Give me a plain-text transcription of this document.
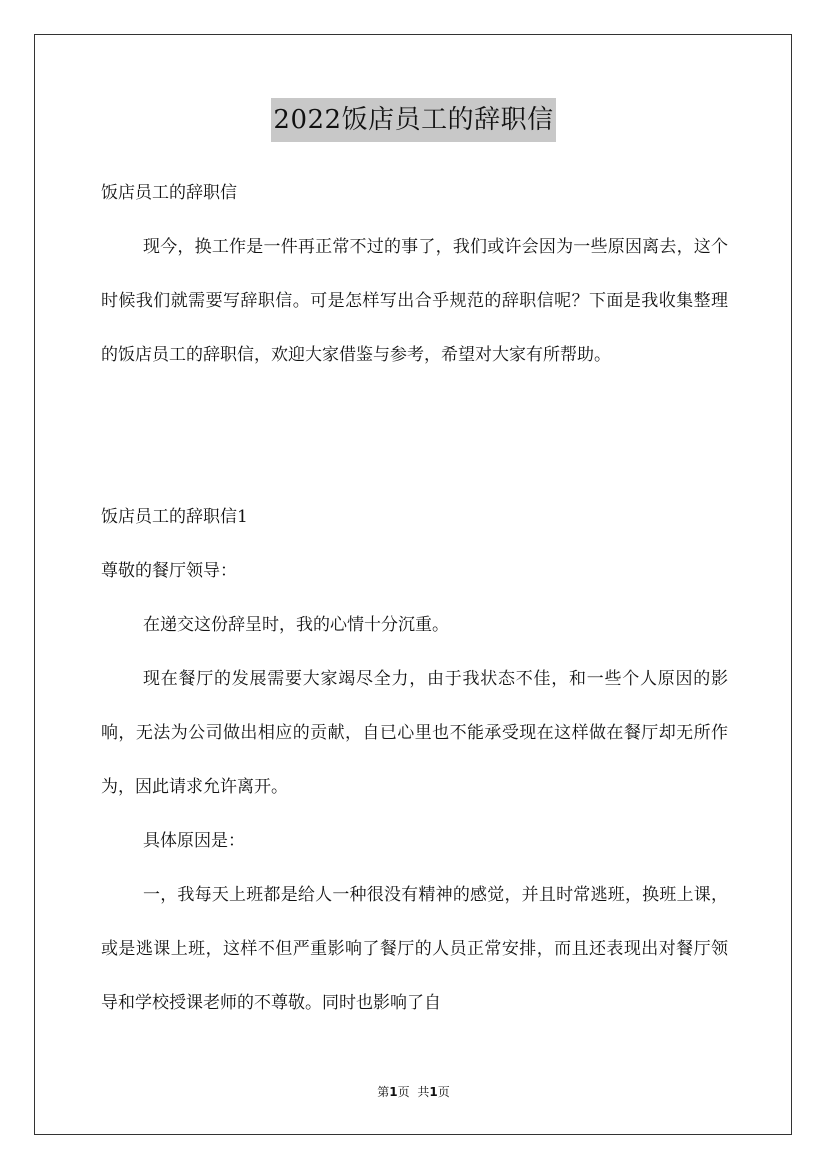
2022饭店员工的辞职信

饭店员工的辞职信

现今，换工作是一件再正常不过的事了，我们或许会因为一些原因离去，这个时候我们就需要写辞职信。可是怎样写出合乎规范的辞职信呢？下面是我收集整理的饭店员工的辞职信，欢迎大家借鉴与参考，希望对大家有所帮助。

饭店员工的辞职信1

尊敬的餐厅领导：

在递交这份辞呈时，我的心情十分沉重。

现在餐厅的发展需要大家竭尽全力，由于我状态不佳，和一些个人原因的影响，无法为公司做出相应的贡献，自已心里也不能承受现在这样做在餐厅却无所作为，因此请求允许离开。

具体原因是：

一，我每天上班都是给人一种很没有精神的感觉，并且时常逃班，换班上课，或是逃课上班，这样不但严重影响了餐厅的人员正常安排，而且还表现出对餐厅领导和学校授课老师的不尊敬。同时也影响了自

第1页 共1页
